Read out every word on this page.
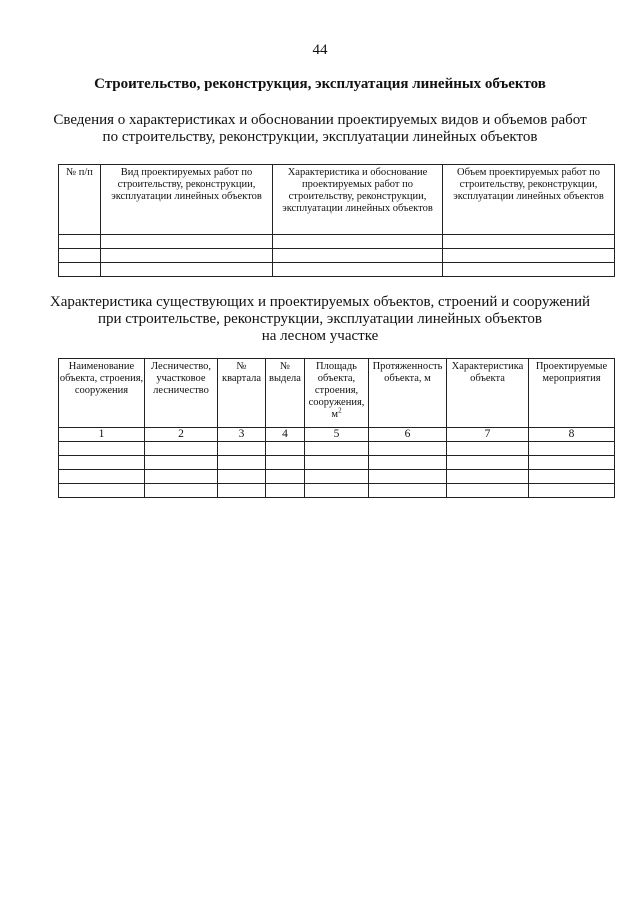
44
Строительство, реконструкция, эксплуатация линейных объектов
Сведения о характеристиках и обосновании проектируемых видов и объемов работ
по строительству, реконструкции, эксплуатации линейных объектов
№ п/п	Вид проектируемых работ по строительству, реконструкции, эксплуатации линейных объектов	Характеристика и обоснование проектируемых работ по строительству, реконструкции, эксплуатации линейных объектов	Объем проектируемых работ по строительству, реконструкции, эксплуатации линейных объектов

Характеристика существующих и проектируемых объектов, строений и сооружений
при строительстве, реконструкции, эксплуатации линейных объектов
на лесном участке
Наименование объекта, строения, сооружения	Лесничество, участковое лесничество	№ квартала	№ выдела	Площадь объекта, строения, сооружения, $м^2$	Протяженность объекта, м	Характеристика объекта	Проектируемые мероприятия
1	2	3	4	5	6	7	8
